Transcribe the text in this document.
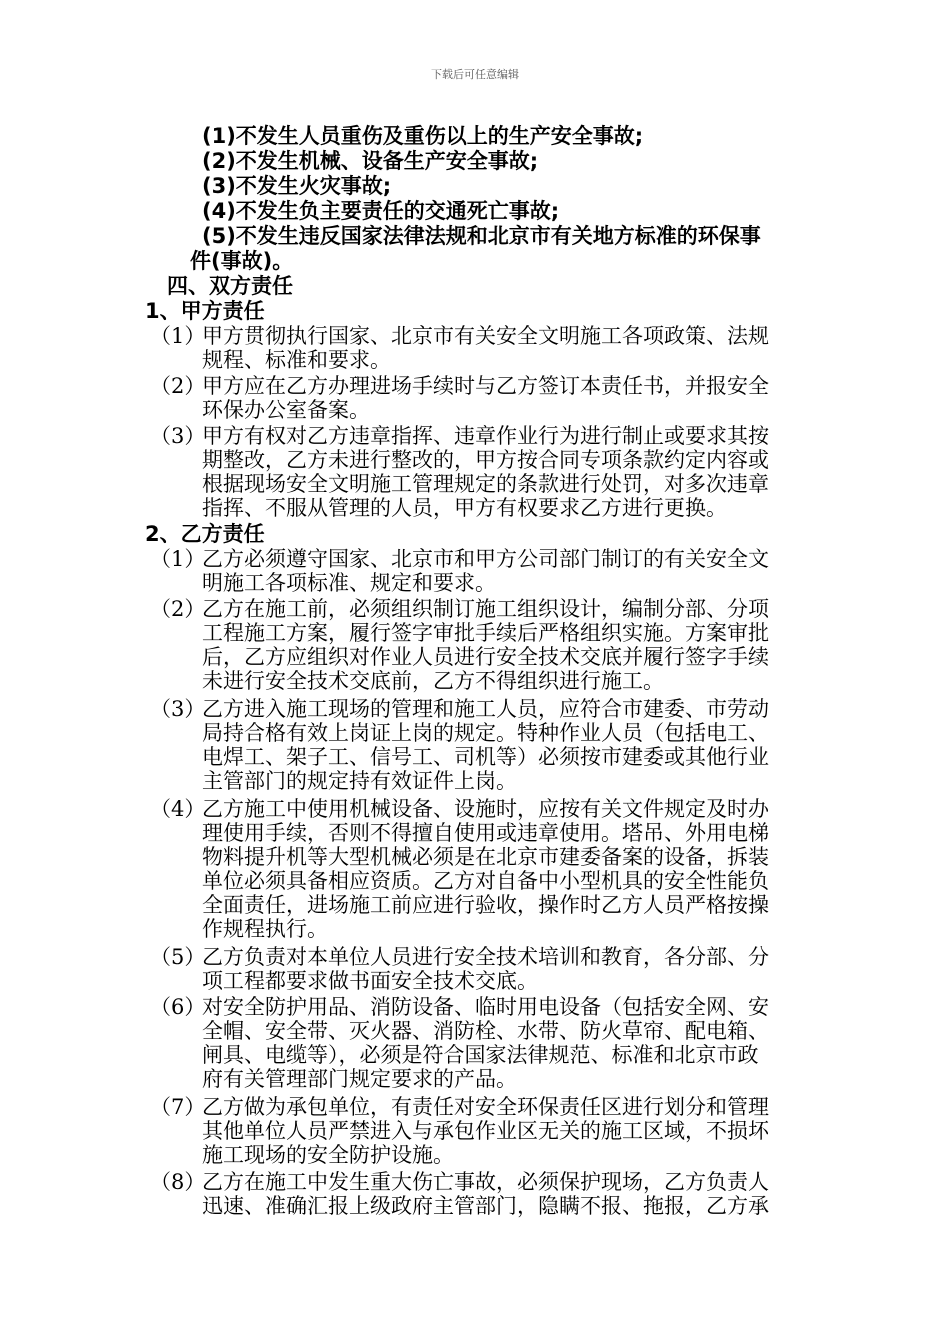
下载后可任意编辑
(1)不发生人员重伤及重伤以上的生产安全事故;
(2)不发生机械、设备生产安全事故;
(3)不发生火灾事故;
(4)不发生负主要责任的交通死亡事故;
(5)不发生违反国家法律法规和北京市有关地方标准的环保事
件(事故)。
四、双方责任
1、甲方责任
（1）
甲方贯彻执行国家、北京市有关安全文明施工各项政策、法规
规程、标准和要求。
（2）
甲方应在乙方办理进场手续时与乙方签订本责任书，并报安全
环保办公室备案。
（3）
甲方有权对乙方违章指挥、违章作业行为进行制止或要求其按
期整改，乙方未进行整改的，甲方按合同专项条款约定内容或
根据现场安全文明施工管理规定的条款进行处罚，对多次违章
指挥、不服从管理的人员，甲方有权要求乙方进行更换。
2、乙方责任
（1）
乙方必须遵守国家、北京市和甲方公司部门制订的有关安全文
明施工各项标准、规定和要求。
（2）
乙方在施工前，必须组织制订施工组织设计，编制分部、分项
工程施工方案，履行签字审批手续后严格组织实施。方案审批
后，乙方应组织对作业人员进行安全技术交底并履行签字手续
未进行安全技术交底前，乙方不得组织进行施工。
（3）
乙方进入施工现场的管理和施工人员，应符合市建委、市劳动
局持合格有效上岗证上岗的规定。特种作业人员（包括电工、
电焊工、架子工、信号工、司机等）必须按市建委或其他行业
主管部门的规定持有效证件上岗。
（4）
乙方施工中使用机械设备、设施时，应按有关文件规定及时办
理使用手续，否则不得擅自使用或违章使用。塔吊、外用电梯
物料提升机等大型机械必须是在北京市建委备案的设备，拆装
单位必须具备相应资质。乙方对自备中小型机具的安全性能负
全面责任，进场施工前应进行验收，操作时乙方人员严格按操
作规程执行。
（5）
乙方负责对本单位人员进行安全技术培训和教育，各分部、分
项工程都要求做书面安全技术交底。
（6）
对安全防护用品、消防设备、临时用电设备（包括安全网、安
全帽、安全带、灭火器、消防栓、水带、防火草帘、配电箱、
闸具、电缆等），必须是符合国家法律规范、标准和北京市政
府有关管理部门规定要求的产品。
（7）
乙方做为承包单位，有责任对安全环保责任区进行划分和管理
其他单位人员严禁进入与承包作业区无关的施工区域，不损坏
施工现场的安全防护设施。
（8）
乙方在施工中发生重大伤亡事故，必须保护现场，乙方负责人
迅速、准确汇报上级政府主管部门，隐瞒不报、拖报，乙方承
